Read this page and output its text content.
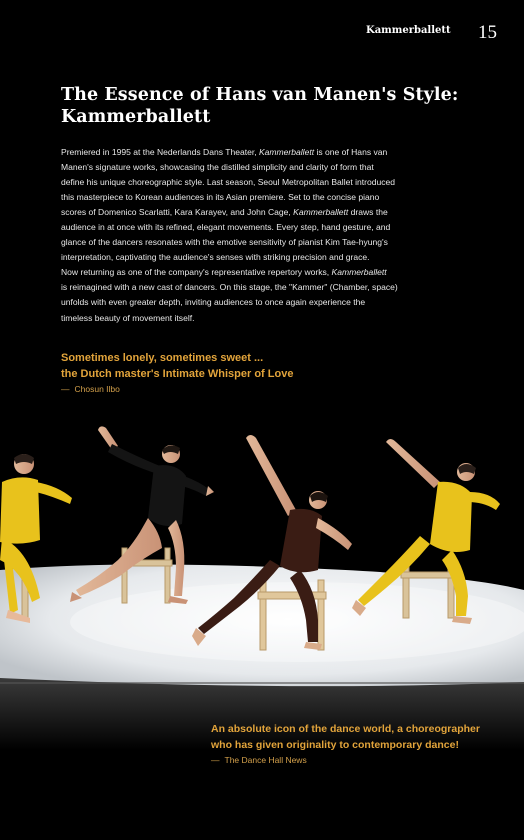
Kammerballett 15
The Essence of Hans van Manen's Style:
Kammerballett

Premiered in 1995 at the Nederlands Dans Theater, Kammerballett is one of Hans van
Manen's signature works, showcasing the distilled simplicity and clarity of form that
define his unique choreographic style. Last season, Seoul Metropolitan Ballet introduced
this masterpiece to Korean audiences in its Asian premiere. Set to the concise piano
scores of Domenico Scarlatti, Kara Karayev, and John Cage, Kammerballett draws the
audience in at once with its refined, elegant movements. Every step, hand gesture, and
glance of the dancers resonates with the emotive sensitivity of pianist Kim Tae-hyung's
interpretation, captivating the audience's senses with striking precision and grace.
Now returning as one of the company's representative repertory works, Kammerballett
is reimagined with a new cast of dancers. On this stage, the "Kammer" (Chamber, space)
unfolds with even greater depth, inviting audiences to once again experience the
timeless beauty of movement itself.

Sometimes lonely, sometimes sweet ...
the Dutch master's Intimate Whisper of Love

— Chosun Ilbo

An absolute icon of the dance world, a choreographer
who has given originality to contemporary dance!

— The Dance Hall News
